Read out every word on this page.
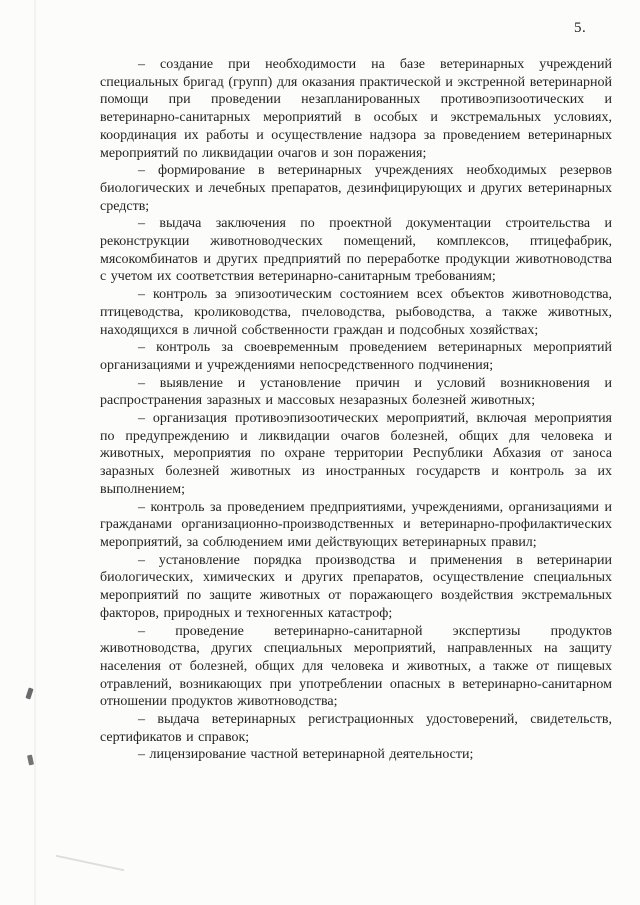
5.

– создание при необходимости на базе ветеринарных учреждений специальных бригад (групп) для оказания практической и экстренной ветеринарной помощи при проведении незапланированных противоэпизоотических и ветеринарно-санитарных мероприятий в особых и экстремальных условиях, координация их работы и осуществление надзора за проведением ветеринарных мероприятий по ликвидации очагов и зон поражения;

– формирование в ветеринарных учреждениях необходимых резервов биологических и лечебных препаратов, дезинфицирующих и других ветеринарных средств;

– выдача заключения по проектной документации строительства и реконструкции животноводческих помещений, комплексов, птицефабрик, мясокомбинатов и других предприятий по переработке продукции животноводства с учетом их соответствия ветеринарно-санитарным требованиям;

– контроль за эпизоотическим состоянием всех объектов животноводства, птицеводства, кролиководства, пчеловодства, рыбоводства, а также животных, находящихся в личной собственности граждан и подсобных хозяйствах;

– контроль за своевременным проведением ветеринарных мероприятий организациями и учреждениями непосредственного подчинения;

– выявление и установление причин и условий возникновения и распространения заразных и массовых незаразных болезней животных;

– организация противоэпизоотических мероприятий, включая мероприятия по предупреждению и ликвидации очагов болезней, общих для человека и животных, мероприятия по охране территории Республики Абхазия от заноса заразных болезней животных из иностранных государств и контроль за их выполнением;

– контроль за проведением предприятиями, учреждениями, организациями и гражданами организационно-производственных и ветеринарно-профилактических мероприятий, за соблюдением ими действующих ветеринарных правил;

– установление порядка производства и применения в ветеринарии биологических, химических и других препаратов, осуществление специальных мероприятий по защите животных от поражающего воздействия экстремальных факторов, природных и техногенных катастроф;

– проведение ветеринарно-санитарной экспертизы продуктов животноводства, других специальных мероприятий, направленных на защиту населения от болезней, общих для человека и животных, а также от пищевых отравлений, возникающих при употреблении опасных в ветеринарно-санитарном отношении продуктов животноводства;

– выдача ветеринарных регистрационных удостоверений, свидетельств, сертификатов и справок;

– лицензирование частной ветеринарной деятельности;
